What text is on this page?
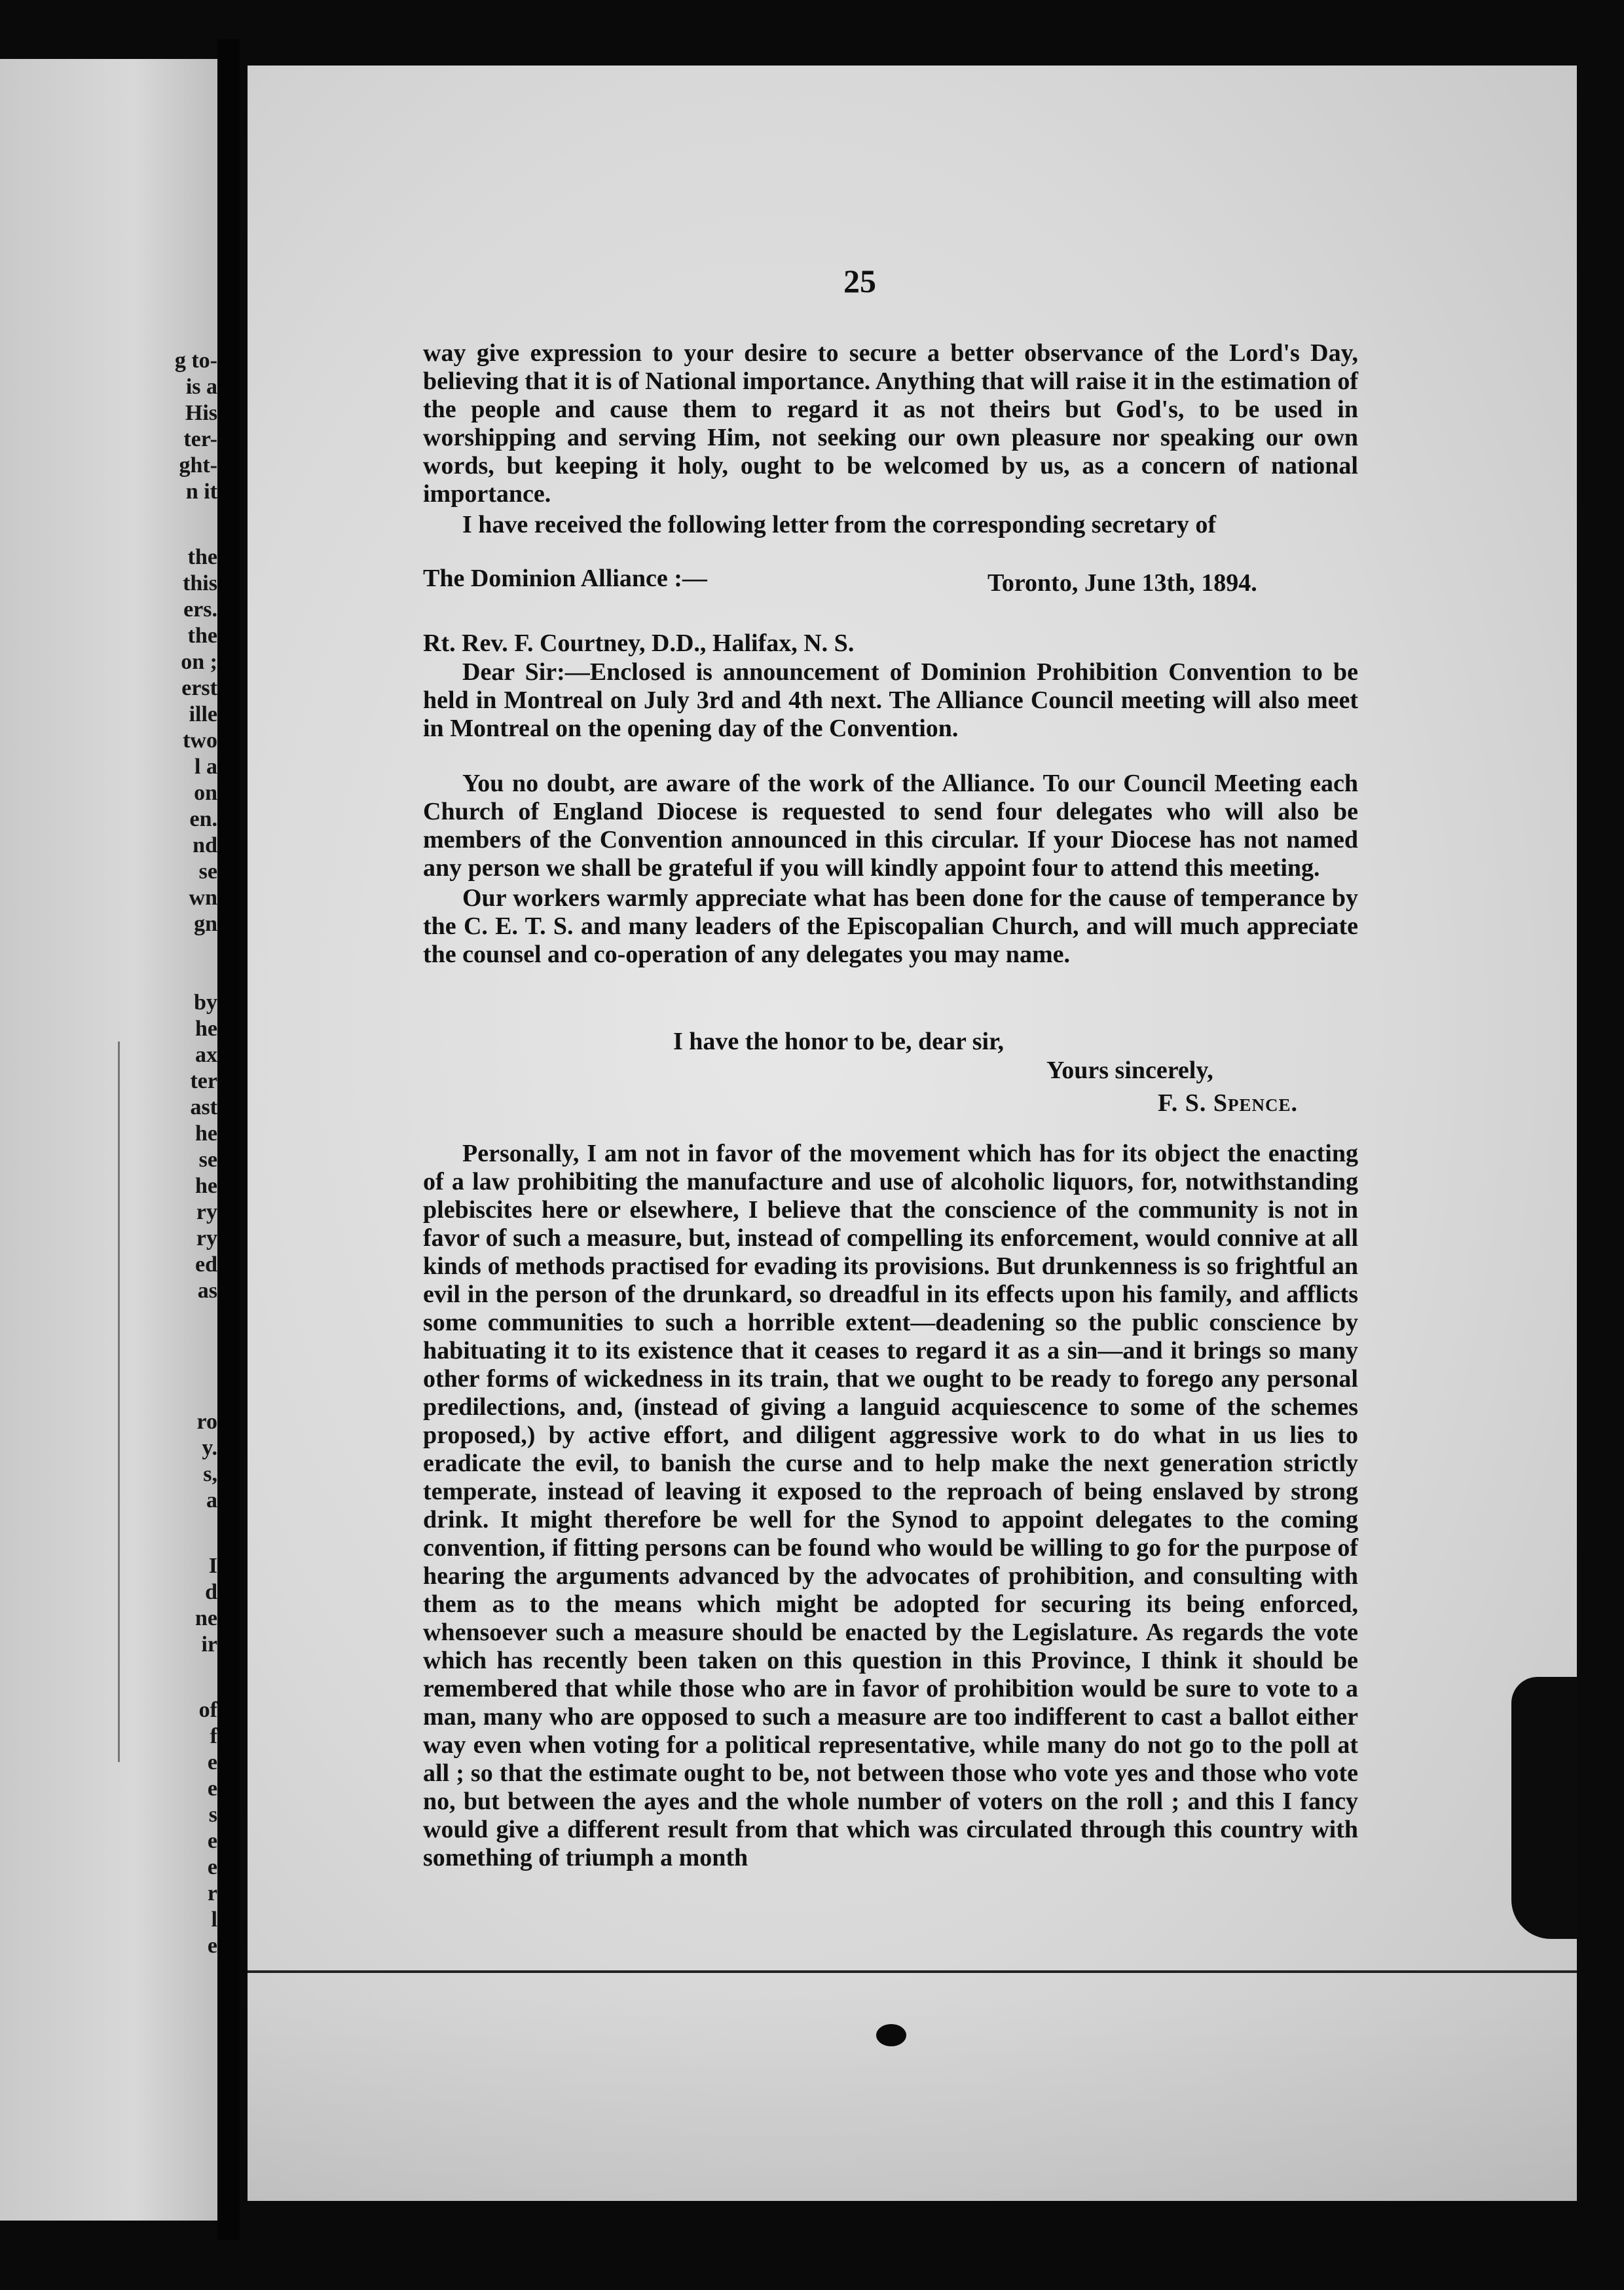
g to-
is a
His
ter-
ght-
n it
the
this
ers.
the
on ;
erst
ille
two
l a
on
en.
nd
se
wn
gn
by
he
ax
ter
ast
he
se
he
ry
ry
ed
as
ro
y.
s,
a
I
d
ne
ir
of
f
e
e
s
e
e
r
l
e
25
way give expression to your desire to secure a better observance of the Lord's Day, believing that it is of National importance. Anything that will raise it in the estimation of the people and cause them to regard it as not theirs but God's, to be used in worshipping and serving Him, not seeking our own pleasure nor speaking our own words, but keeping it holy, ought to be welcomed by us, as a concern of national importance.
I have received the following letter from the corresponding secretary of
The Dominion Alliance :—	Toronto, June 13th, 1894.
Rt. Rev. F. Courtney, D.D., Halifax, N. S.
Dear Sir:—Enclosed is announcement of Dominion Prohibition Convention to be held in Montreal on July 3rd and 4th next. The Alliance Council meeting will also meet in Montreal on the opening day of the Convention.
You no doubt, are aware of the work of the Alliance. To our Council Meeting each Church of England Diocese is requested to send four delegates who will also be members of the Convention announced in this circular. If your Diocese has not named any person we shall be grateful if you will kindly appoint four to attend this meeting.
Our workers warmly appreciate what has been done for the cause of temperance by the C. E. T. S. and many leaders of the Episcopalian Church, and will much appreciate the counsel and co-operation of any delegates you may name.
I have the honor to be, dear sir,
Yours sincerely,
F. S. Spence.
Personally, I am not in favor of the movement which has for its object the enacting of a law prohibiting the manufacture and use of alcoholic liquors, for, notwithstanding plebiscites here or elsewhere, I believe that the conscience of the community is not in favor of such a measure, but, instead of compelling its enforcement, would connive at all kinds of methods practised for evading its provisions. But drunkenness is so frightful an evil in the person of the drunkard, so dreadful in its effects upon his family, and afflicts some communities to such a horrible extent—deadening so the public conscience by habituating it to its existence that it ceases to regard it as a sin—and it brings so many other forms of wickedness in its train, that we ought to be ready to forego any personal predilections, and, (instead of giving a languid acquiescence to some of the schemes proposed,) by active effort, and diligent aggressive work to do what in us lies to eradicate the evil, to banish the curse and to help make the next generation strictly temperate, instead of leaving it exposed to the reproach of being enslaved by strong drink. It might therefore be well for the Synod to appoint delegates to the coming convention, if fitting persons can be found who would be willing to go for the purpose of hearing the arguments advanced by the advocates of prohibition, and consulting with them as to the means which might be adopted for securing its being enforced, whensoever such a measure should be enacted by the Legislature. As regards the vote which has recently been taken on this question in this Province, I think it should be remembered that while those who are in favor of prohibition would be sure to vote to a man, many who are opposed to such a measure are too indifferent to cast a ballot either way even when voting for a political representative, while many do not go to the poll at all ; so that the estimate ought to be, not between those who vote yes and those who vote no, but between the ayes and the whole number of voters on the roll ; and this I fancy would give a different result from that which was circulated through this country with something of triumph a month
